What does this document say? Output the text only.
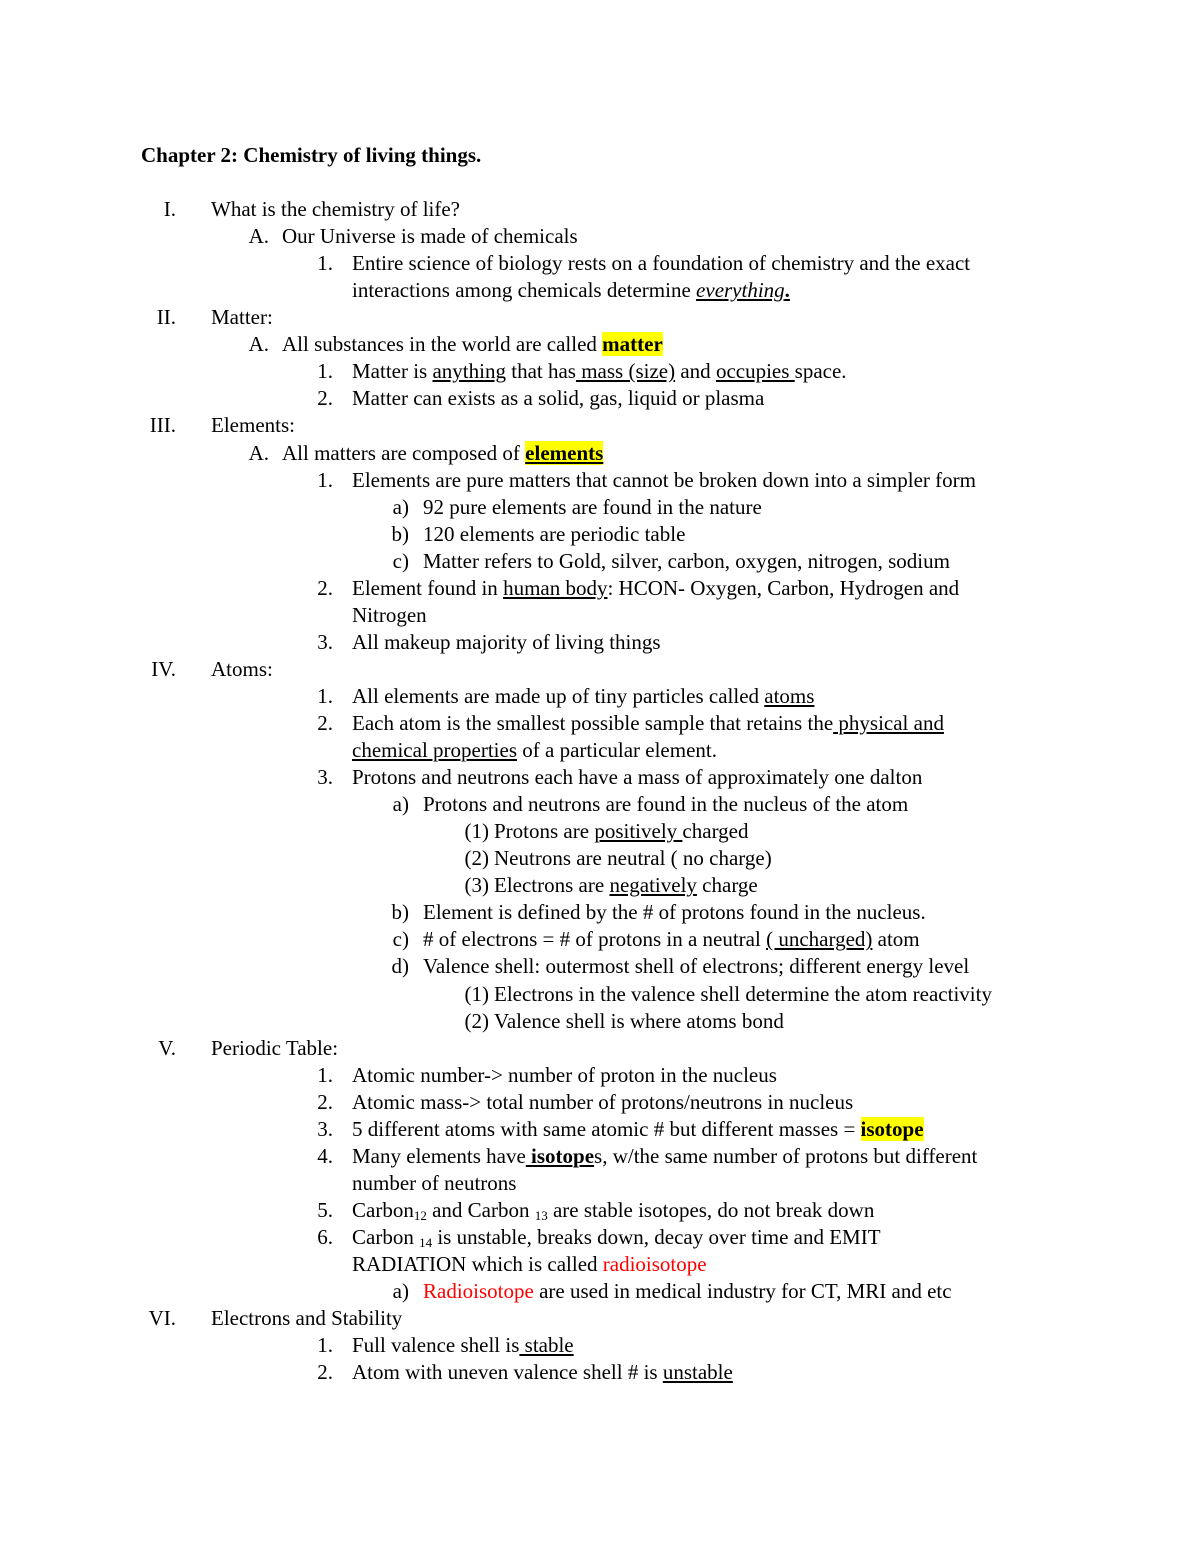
Chapter 2: Chemistry of living things.
I. What is the chemistry of life?
A. Our Universe is made of chemicals
1. Entire science of biology rests on a foundation of chemistry and the exact
interactions among chemicals determine everything.
II. Matter:
A. All substances in the world are called matter
1. Matter is anything that has mass (size) and occupies space.
2. Matter can exists as a solid, gas, liquid or plasma
III. Elements:
A. All matters are composed of elements
1. Elements are pure matters that cannot be broken down into a simpler form
a) 92 pure elements are found in the nature
b) 120 elements are periodic table
c) Matter refers to Gold, silver, carbon, oxygen, nitrogen, sodium
2. Element found in human body: HCON- Oxygen, Carbon, Hydrogen and
Nitrogen
3. All makeup majority of living things
IV. Atoms:
1. All elements are made up of tiny particles called atoms
2. Each atom is the smallest possible sample that retains the physical and
chemical properties of a particular element.
3. Protons and neutrons each have a mass of approximately one dalton
a) Protons and neutrons are found in the nucleus of the atom
(1) Protons are positively charged
(2) Neutrons are neutral ( no charge)
(3) Electrons are negatively charge
b) Element is defined by the # of protons found in the nucleus.
c) # of electrons = # of protons in a neutral ( uncharged) atom
d) Valence shell: outermost shell of electrons; different energy level
(1) Electrons in the valence shell determine the atom reactivity
(2) Valence shell is where atoms bond
V. Periodic Table:
1. Atomic number-> number of proton in the nucleus
2. Atomic mass-> total number of protons/neutrons in nucleus
3. 5 different atoms with same atomic # but different masses = isotope
4. Many elements have isotopes, w/the same number of protons but different
number of neutrons
5. Carbon$_{12}$ and Carbon $_{13}$ are stable isotopes, do not break down
6. Carbon $_{14}$ is unstable, breaks down, decay over time and EMIT
RADIATION which is called radioisotope
a) Radioisotope are used in medical industry for CT, MRI and etc
VI. Electrons and Stability
1. Full valence shell is stable
2. Atom with uneven valence shell # is unstable
